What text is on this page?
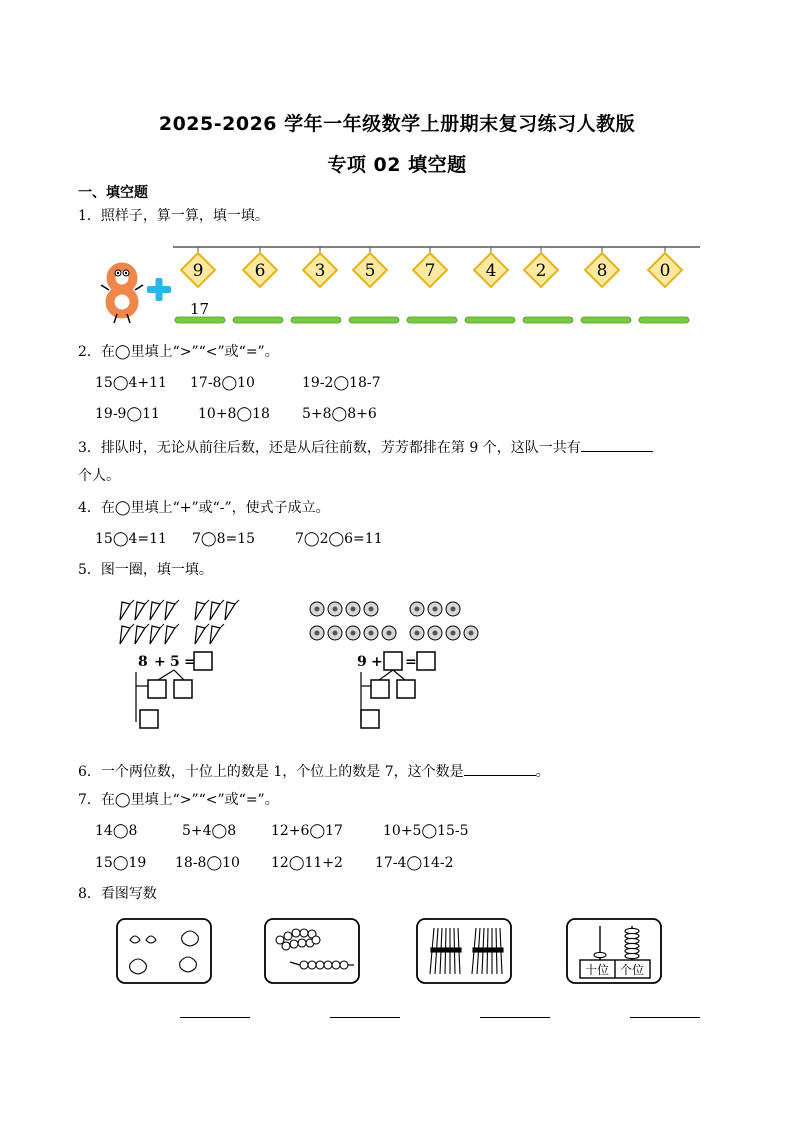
2025-2026 学年一年级数学上册期末复习练习人教版
专项 02 填空题
一、填空题
1．照样子，算一算，填一填。
17
9	6	3 5	7	4 2	8	0
2．在◯里填上“>”“<”或“=”。
15◯4+11 17-8◯10	19-2◯18-7
19-9◯11	10+8◯18 5+8◯8+6
3．排队时，无论从前往后数，还是从后往前数，芳芳都排在第 9 个，这队一共有
个人。
4．在◯里填上“+”或“-”，使式子成立。
15◯4=11 7◯8=15	7◯2◯6=11
5．图一圈，填一填。
8 + 5 =	9 + =
6．一个两位数，十位上的数是 1，个位上的数是 7，这个数是	。
7．在◯里填上“>”“<”或“=”。
14◯8	5+4◯8 12+6◯17	10+5◯15-5
15◯19 18-8◯10 12◯11+2 17-4◯14-2
8．看图写数
十位 个位
